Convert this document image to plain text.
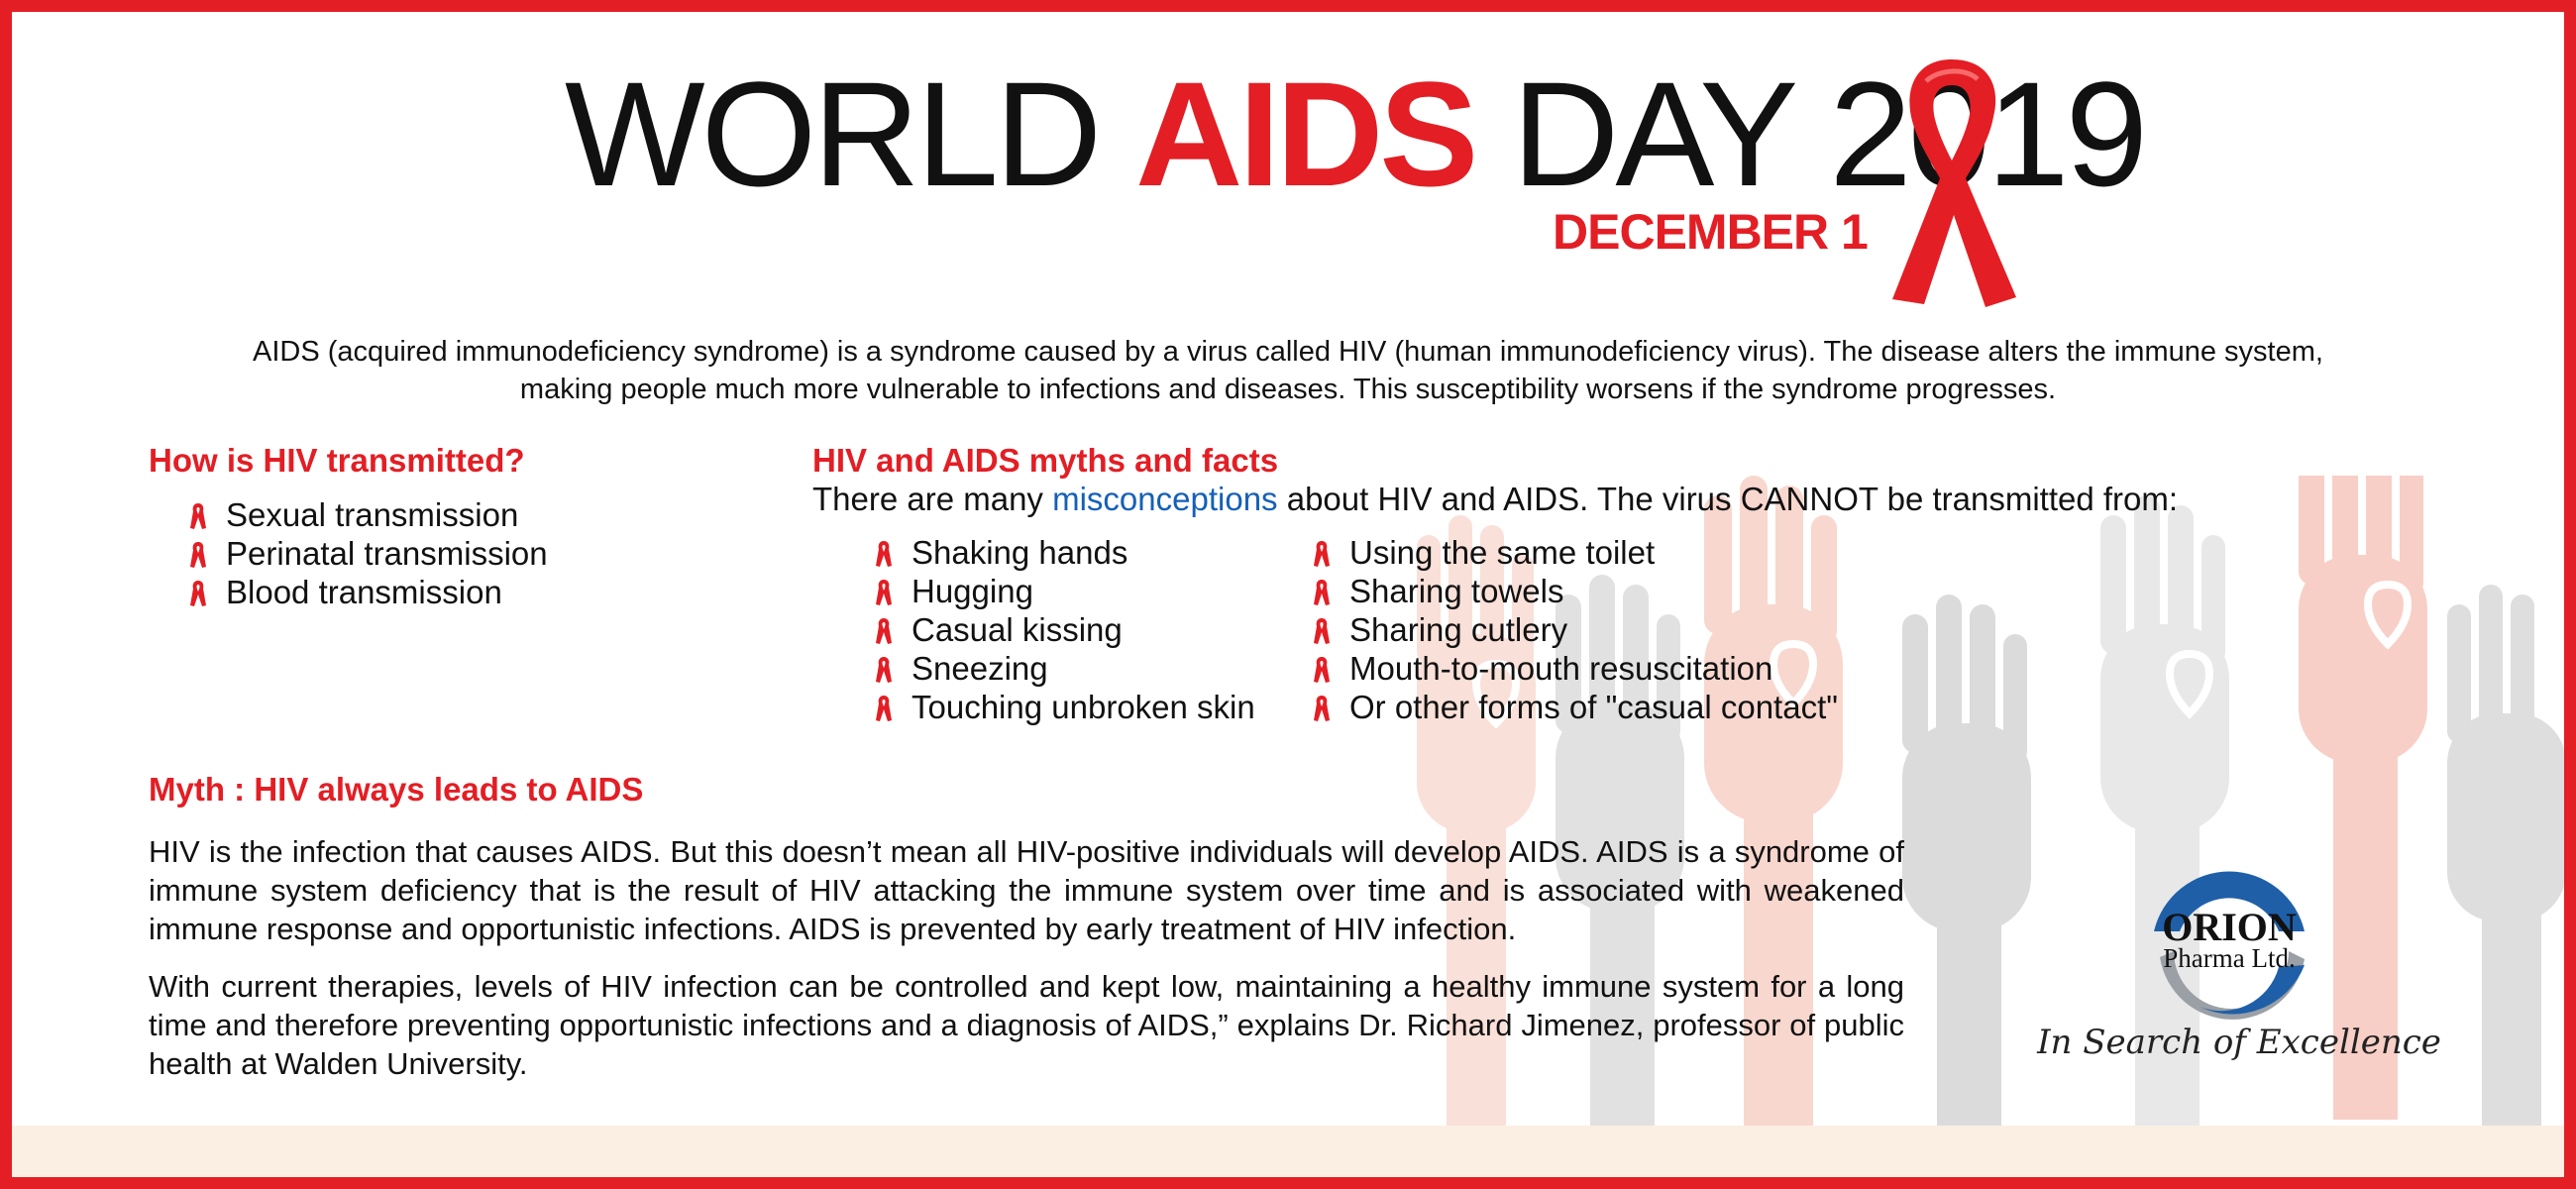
WORLD AIDS DAY 2019
DECEMBER 1
AIDS (acquired immunodeficiency syndrome) is a syndrome caused by a virus called HIV (human immunodeficiency virus). The disease alters the immune system, making people much more vulnerable to infections and diseases. This susceptibility worsens if the syndrome progresses.
How is HIV transmitted?
Sexual transmission
Perinatal transmission
Blood transmission
HIV and AIDS myths and facts
There are many misconceptions about HIV and AIDS. The virus CANNOT be transmitted from:
Shaking hands
Hugging
Casual kissing
Sneezing
Touching unbroken skin
Using the same toilet
Sharing towels
Sharing cutlery
Mouth-to-mouth resuscitation
Or other forms of "casual contact"
Myth : HIV always leads to AIDS
HIV is the infection that causes AIDS. But this doesn’t mean all HIV-positive individuals will develop AIDS. AIDS is a syndrome of immune system deficiency that is the result of HIV attacking the immune system over time and is associated with weakened immune response and opportunistic infections. AIDS is prevented by early treatment of HIV infection.
With current therapies, levels of HIV infection can be controlled and kept low, maintaining a healthy immune system for a long time and therefore preventing opportunistic infections and a diagnosis of AIDS,” explains Dr. Richard Jimenez, professor of public health at Walden University.
ORION
Pharma Ltd.
In Search of Excellence
